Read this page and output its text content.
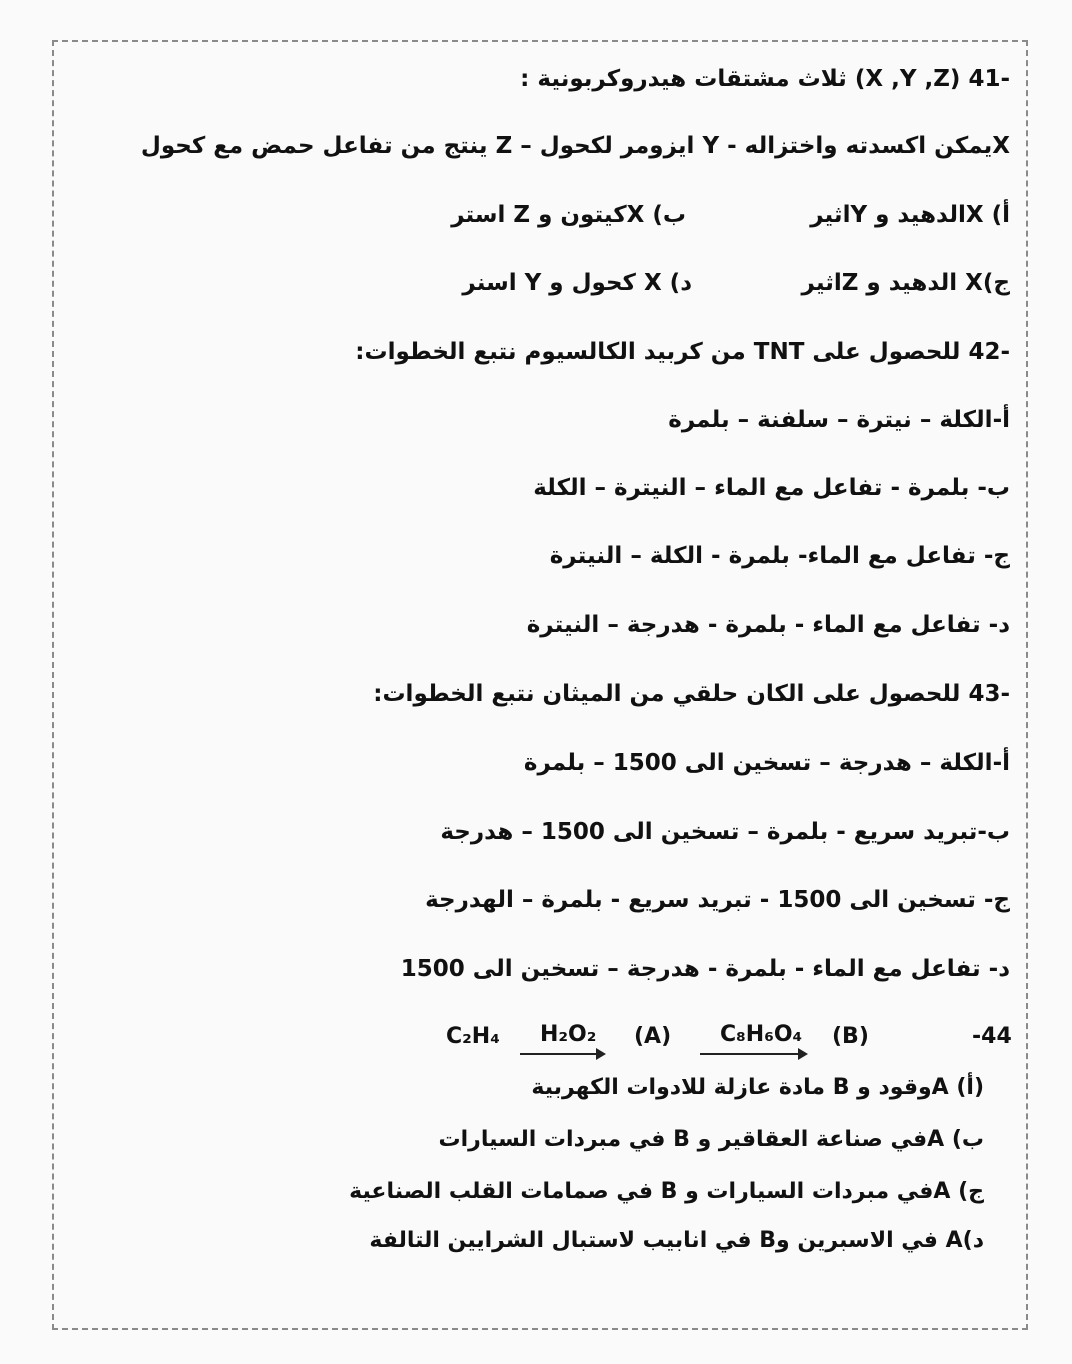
-41 (X ,Y ,Z) ثلاث مشتقات هيدروكربونية :
Xيمكن اكسدته واختزاله - Y ايزومر لكحول – Z ينتج من تفاعل حمض مع كحول
أ) Xالدهيد و Yاثير
ب) Xكيتون و Z استر
ج)X الدهيد و Zاثير
د) X كحول و Y اسنر
-42 للحصول على TNT من كربيد الكالسيوم نتبع الخطوات:
أ-الكلة – نيترة – سلفنة – بلمرة
ب- بلمرة - تفاعل مع الماء – النيترة – الكلة
ج- تفاعل مع الماء- بلمرة - الكلة – النيترة
د- تفاعل مع الماء - بلمرة - هدرجة – النيترة
-43 للحصول على الكان حلقي من الميثان نتبع الخطوات:
أ-الكلة – هدرجة – تسخين الى 1500 – بلمرة
ب-تبريد سريع - بلمرة – تسخين الى 1500 – هدرجة
ج- تسخين الى 1500 - تبريد سريع - بلمرة – الهدرجة
د- تفاعل مع الماء - بلمرة - هدرجة – تسخين الى 1500
C₂H₄ H₂O₂ (A) C₈H₆O₄ (B)	-44
(أ) Aوقود و B مادة عازلة للادوات الكهربية
ب) Aفي صناعة العقاقير و B في مبردات السيارات
ج) Aفي مبردات السيارات و B في صمامات القلب الصناعية
د)A في الاسبرين وB في انابيب لاستبال الشرايين التالفة
